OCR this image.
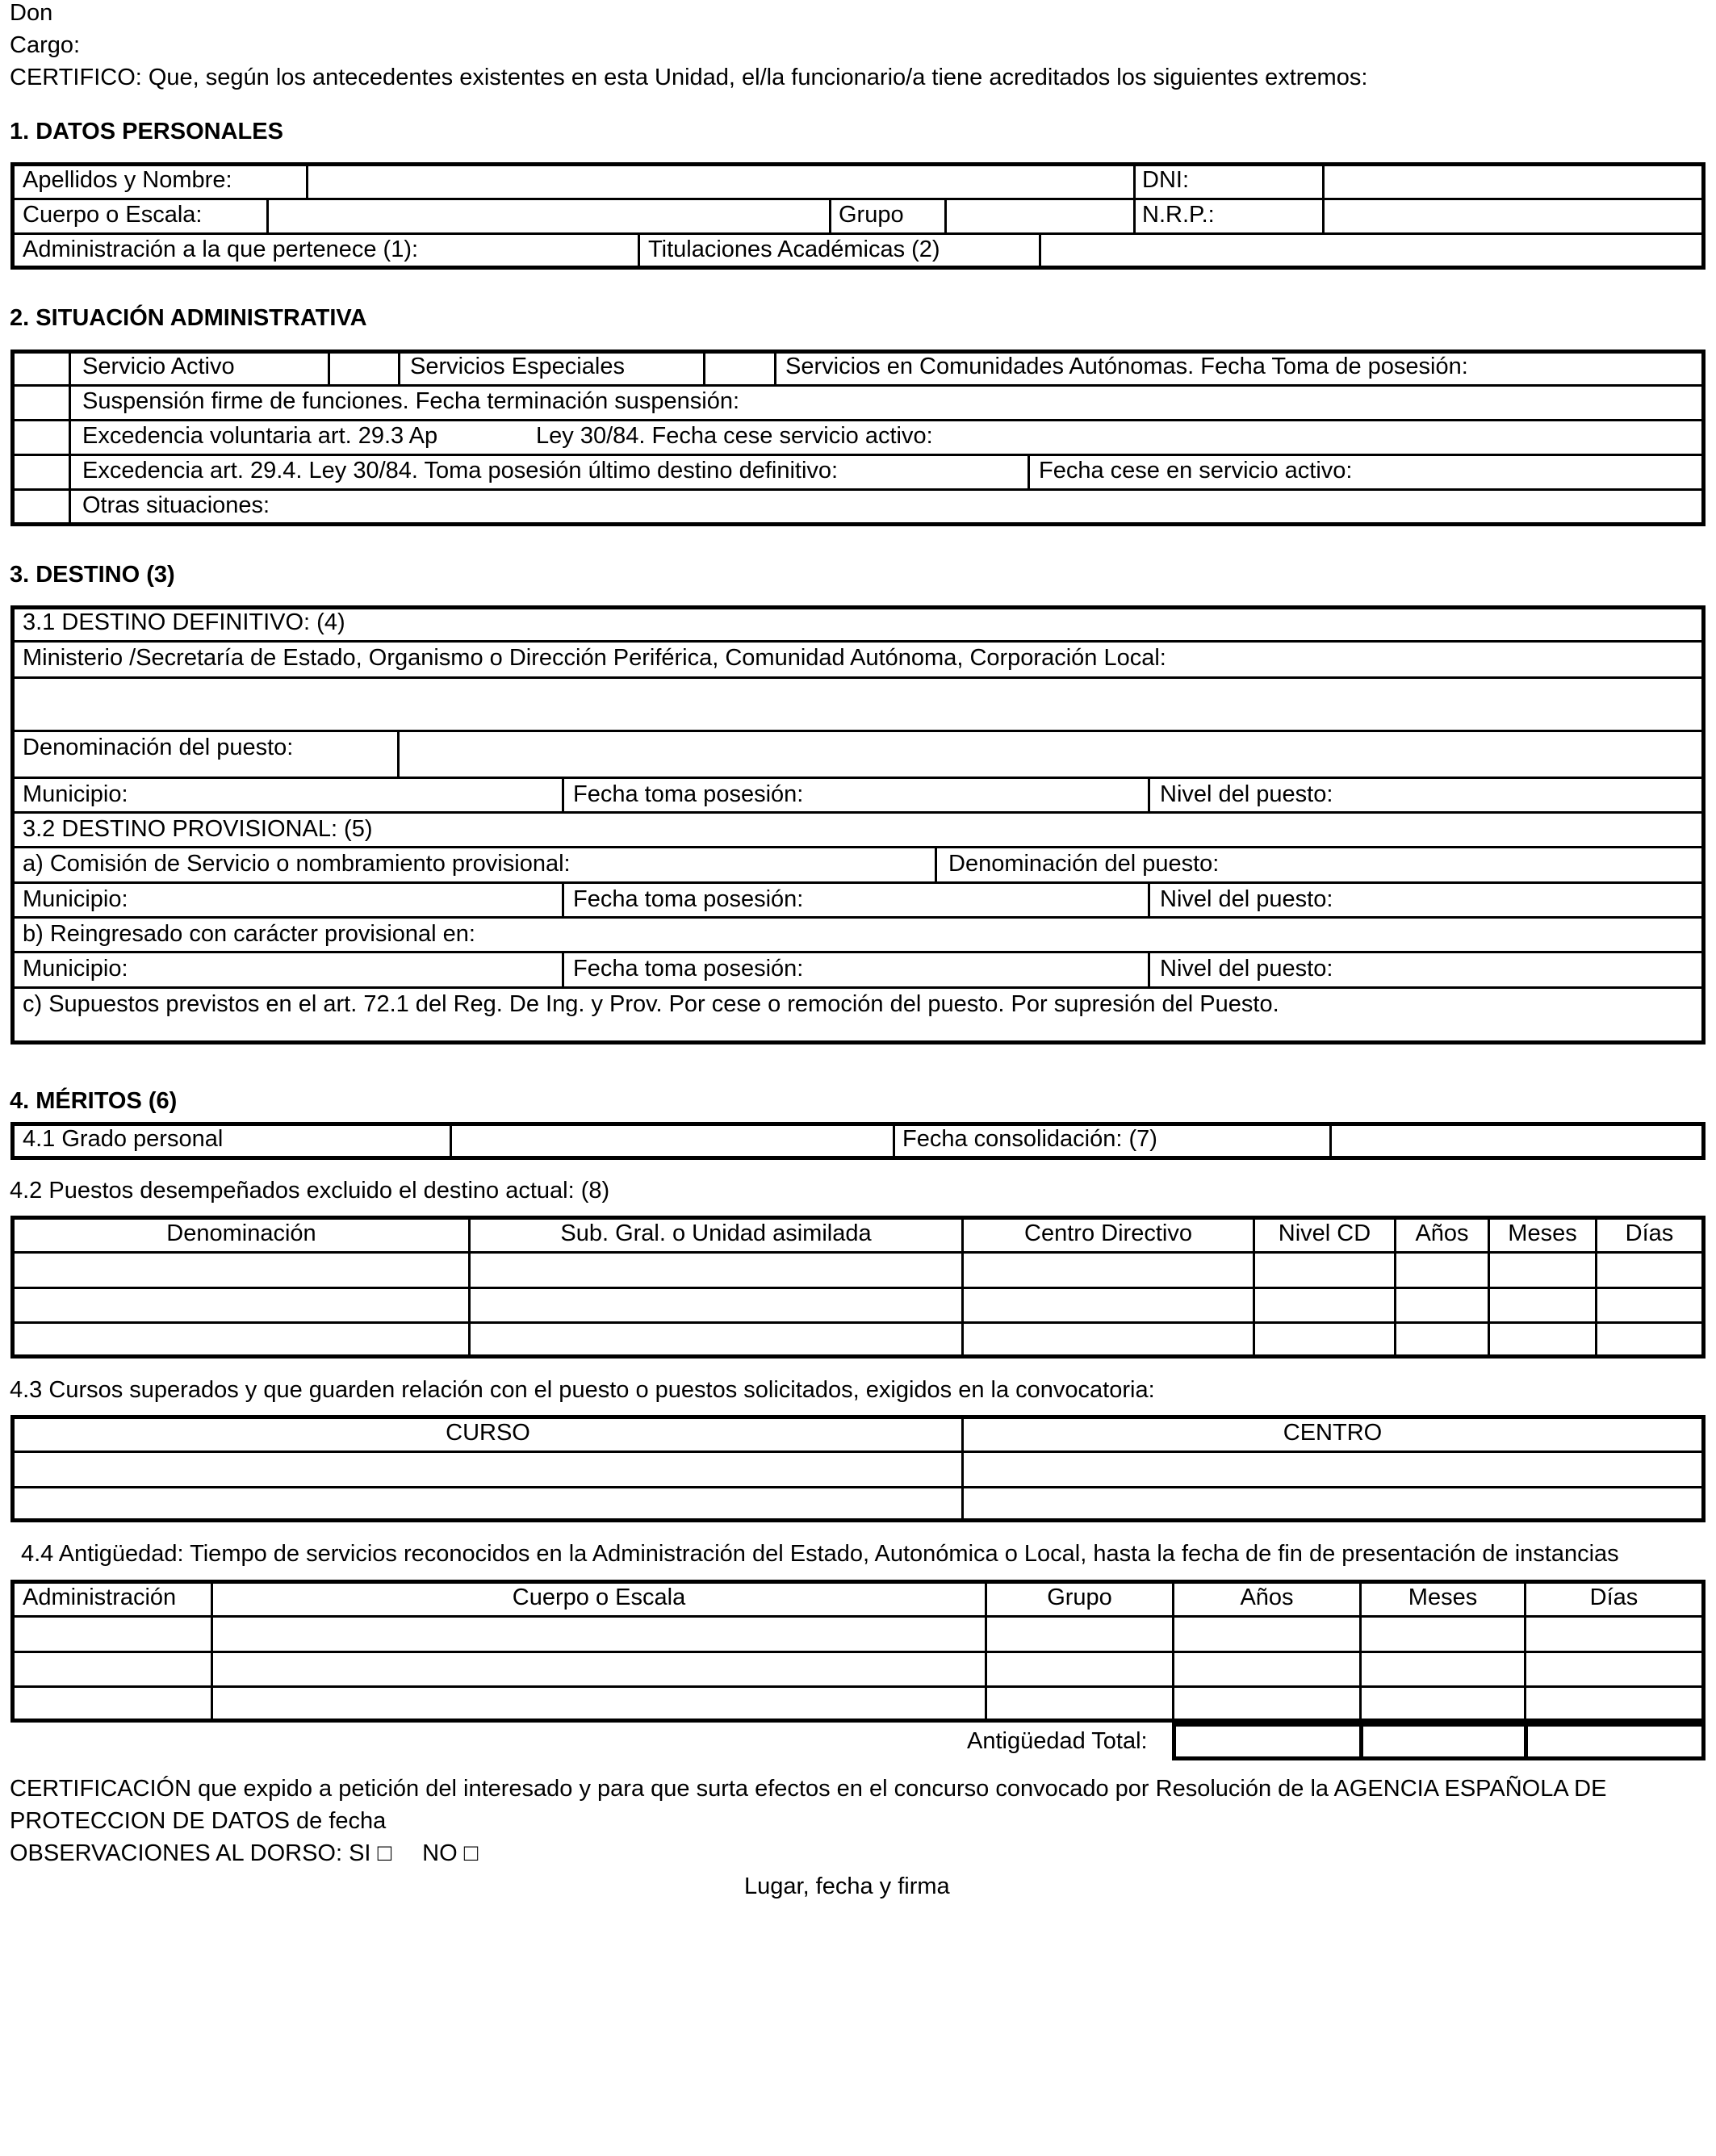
Don
Cargo:
CERTIFICO: Que, según los antecedentes existentes en esta Unidad, el/la funcionario/a tiene acreditados los siguientes extremos:
1. DATOS PERSONALES
Apellidos y Nombre:	DNI:
Cuerpo o Escala:	Grupo	N.R.P.:
Administración a la que pertenece (1):	Titulaciones Académicas (2)
2. SITUACIÓN ADMINISTRATIVA
Servicio Activo	Servicios Especiales	Servicios en Comunidades Autónomas. Fecha Toma de posesión:
Suspensión firme de funciones. Fecha terminación suspensión:
Excedencia voluntaria art. 29.3 Ap	Ley 30/84. Fecha cese servicio activo:
Excedencia art. 29.4. Ley 30/84. Toma posesión último destino definitivo:	Fecha cese en servicio activo:
Otras situaciones:
3. DESTINO (3)
3.1 DESTINO DEFINITIVO: (4)
Ministerio /Secretaría de Estado, Organismo o Dirección Periférica, Comunidad Autónoma, Corporación Local:
Denominación del puesto:
Municipio:	Fecha toma posesión:	Nivel del puesto:
3.2 DESTINO PROVISIONAL: (5)
a) Comisión de Servicio o nombramiento provisional:	Denominación del puesto:
Municipio:	Fecha toma posesión:	Nivel del puesto:
b) Reingresado con carácter provisional en:
Municipio:	Fecha toma posesión:	Nivel del puesto:
c) Supuestos previstos en el art. 72.1 del Reg. De Ing. y Prov. Por cese o remoción del puesto. Por supresión del Puesto.
4. MÉRITOS (6)
4.1 Grado personal	Fecha consolidación: (7)
4.2 Puestos desempeñados excluido el destino actual: (8)
Denominación	Sub. Gral. o Unidad asimilada	Centro Directivo	Nivel CD	Años	Meses	Días
4.3 Cursos superados y que guarden relación con el puesto o puestos solicitados, exigidos en la convocatoria:
CURSO	CENTRO
4.4 Antigüedad: Tiempo de servicios reconocidos en la Administración del Estado, Autonómica o Local, hasta la fecha de fin de presentación de instancias
Administración	Cuerpo o Escala	Grupo	Años	Meses	Días
Antigüedad Total:
CERTIFICACIÓN que expido a petición del interesado y para que surta efectos en el concurso convocado por Resolución de la AGENCIA ESPAÑOLA DE
PROTECCION DE DATOS de fecha
OBSERVACIONES AL DORSO: SI □ NO □
Lugar, fecha y firma
